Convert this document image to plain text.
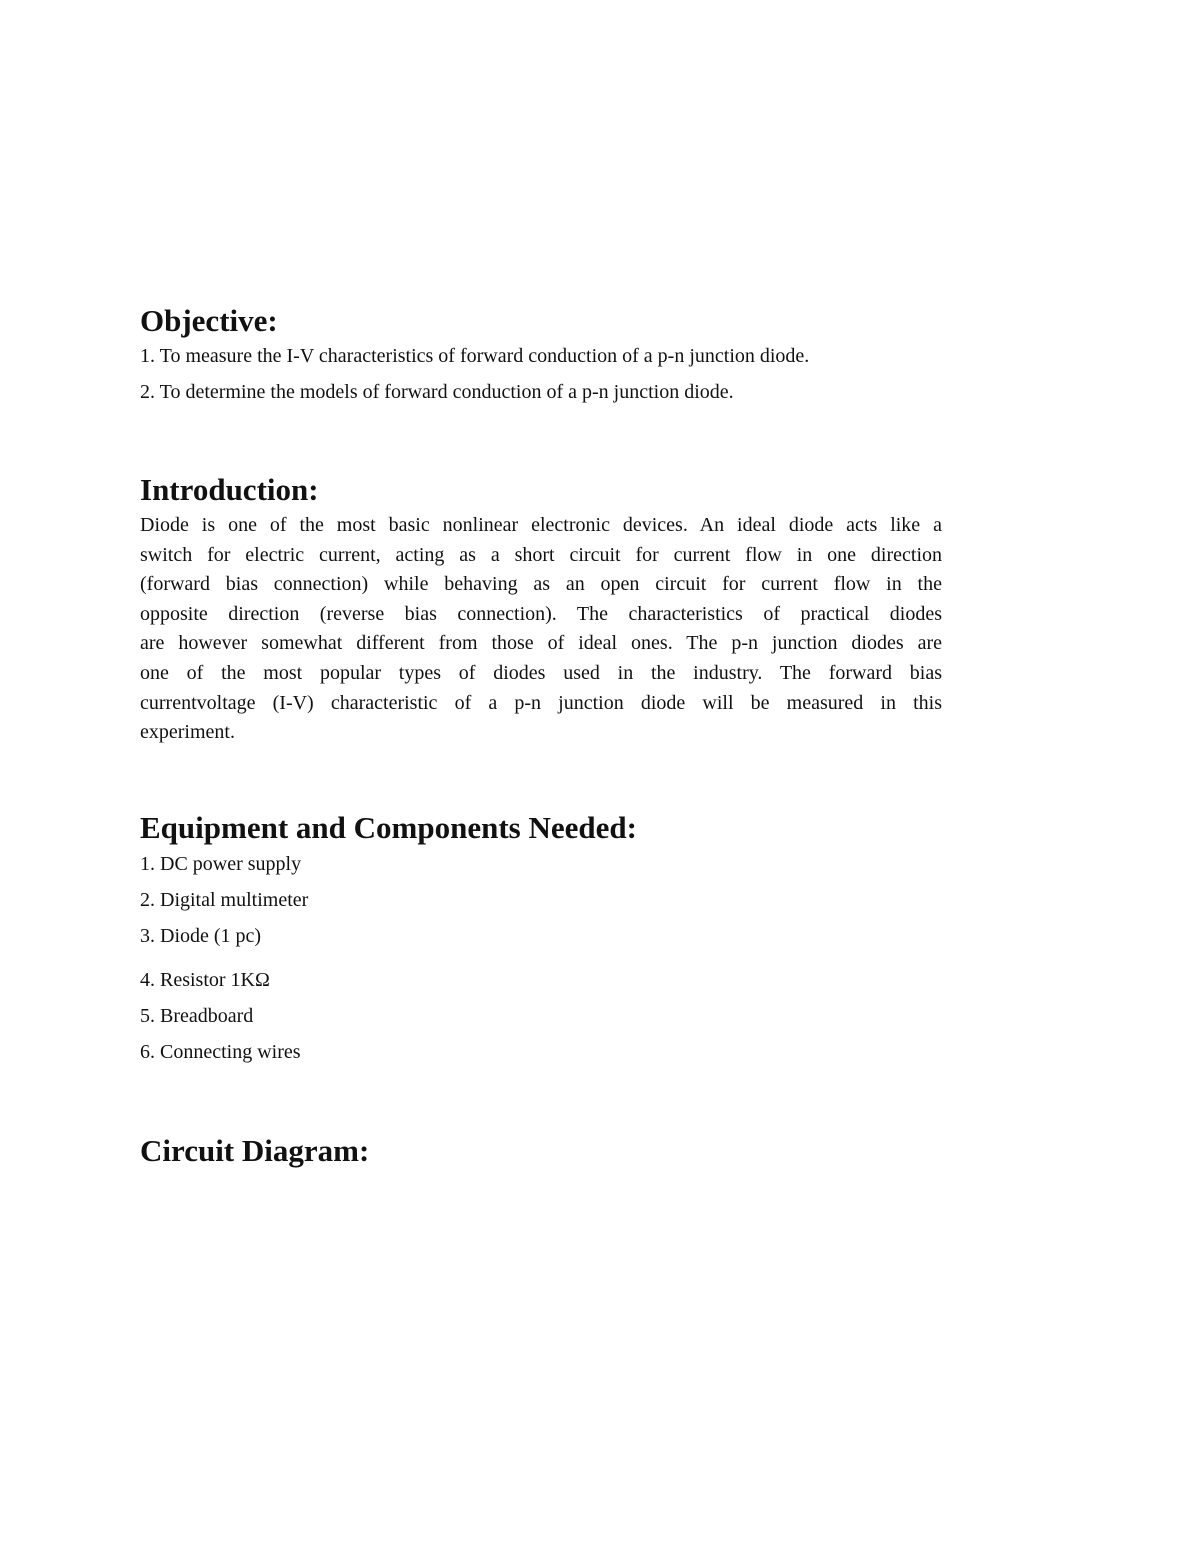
Objective:

1. To measure the I-V characteristics of forward conduction of a p-n junction diode.

2. To determine the models of forward conduction of a p-n junction diode.

Introduction:
Diode is one of the most basic nonlinear electronic devices. An ideal diode acts like a
switch for electric current, acting as a short circuit for current flow in one direction
(forward bias connection) while behaving as an open circuit for current flow in the
opposite direction (reverse bias connection). The characteristics of practical diodes
are however somewhat different from those of ideal ones. The p-n junction diodes are
one of the most popular types of diodes used in the industry. The forward bias
currentvoltage (I-V) characteristic of a p-n junction diode will be measured in this
experiment.
Equipment and Components Needed:

1. DC power supply

2. Digital multimeter

3. Diode (1 pc)

4. Resistor 1KΩ

5. Breadboard

6. Connecting wires

Circuit Diagram:
